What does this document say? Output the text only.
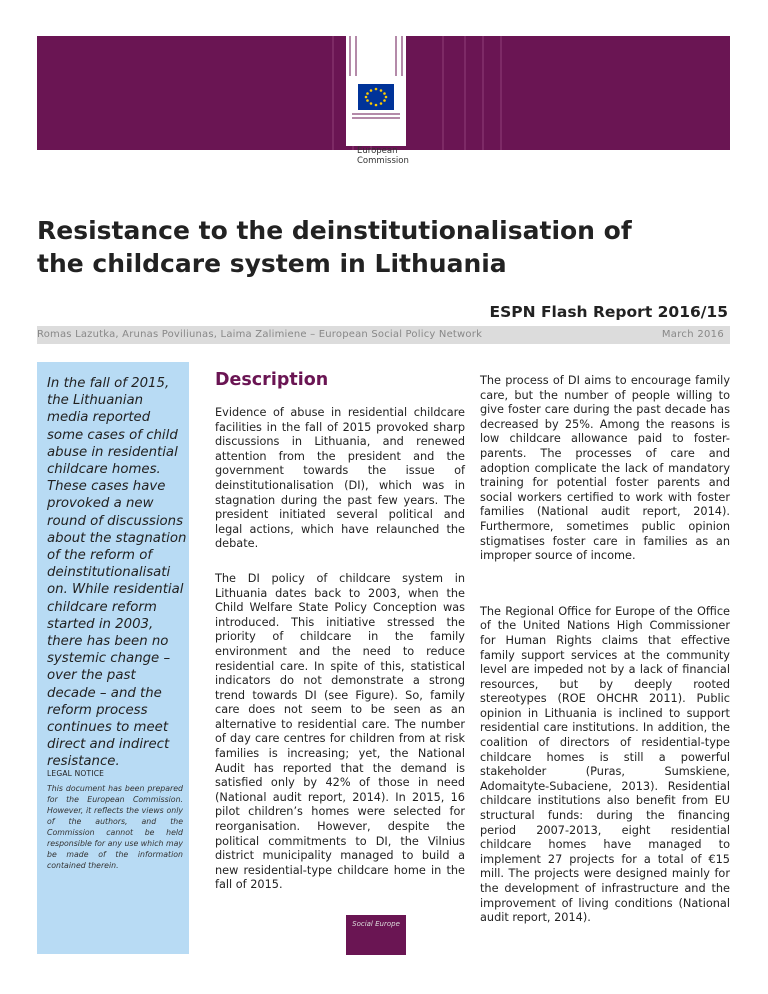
European
Commission
Resistance to the deinstitutionalisation of
the childcare system in Lithuania
ESPN Flash Report 2016/15
Romas Lazutka, Arunas Poviliunas, Laima Zalimiene – European Social Policy Network	March 2016
In the fall of 2015, the Lithuanian media reported some cases of child abuse in residential childcare homes. These cases have provoked a new round of discussions about the stagnation of the reform of deinstitutionalisati on. While residential childcare reform started in 2003, there has been no systemic change – over the past decade – and the reform process continues to meet direct and indirect resistance.
LEGAL NOTICE
This document has been prepared for the European Commission. However, it reflects the views only of the authors, and the Commission cannot be held responsible for any use which may be made of the information contained therein.
Description

Evidence of abuse in residential childcare facilities in the fall of 2015 provoked sharp discussions in Lithuania, and renewed attention from the president and the government towards the issue of deinstitutionalisation (DI), which was in stagnation during the past few years. The president initiated several political and legal actions, which have relaunched the debate.

The DI policy of childcare system in Lithuania dates back to 2003, when the Child Welfare State Policy Conception was introduced. This initiative stressed the priority of childcare in the family environment and the need to reduce residential care. In spite of this, statistical indicators do not demonstrate a strong trend towards DI (see Figure). So, family care does not seem to be seen as an alternative to residential care. The number of day care centres for children from at risk families is increasing; yet, the National Audit has reported that the demand is satisfied only by 42% of those in need (National audit report, 2014). In 2015, 16 pilot children’s homes were selected for reorganisation. However, despite the political commitments to DI, the Vilnius district municipality managed to build a new residential-type childcare home in the fall of 2015.

The process of DI aims to encourage family care, but the number of people willing to give foster care during the past decade has decreased by 25%. Among the reasons is low childcare allowance paid to foster-parents. The processes of care and adoption complicate the lack of mandatory training for potential foster parents and social workers certified to work with foster families (National audit report, 2014). Furthermore, sometimes public opinion stigmatises foster care in families as an improper source of income.

The Regional Office for Europe of the Office of the United Nations High Commissioner for Human Rights claims that effective family support services at the community level are impeded not by a lack of financial resources, but by deeply rooted stereotypes (ROE OHCHR 2011). Public opinion in Lithuania is inclined to support residential care institutions. In addition, the coalition of directors of residential-type childcare homes is still a powerful stakeholder (Puras, Sumskiene, Adomaityte-Subaciene, 2013). Residential childcare institutions also benefit from EU structural funds: during the financing period 2007-2013, eight residential childcare homes have managed to implement 27 projects for a total of €15 mill. The projects were designed mainly for the development of infrastructure and the improvement of living conditions (National audit report, 2014).

Social Europe
